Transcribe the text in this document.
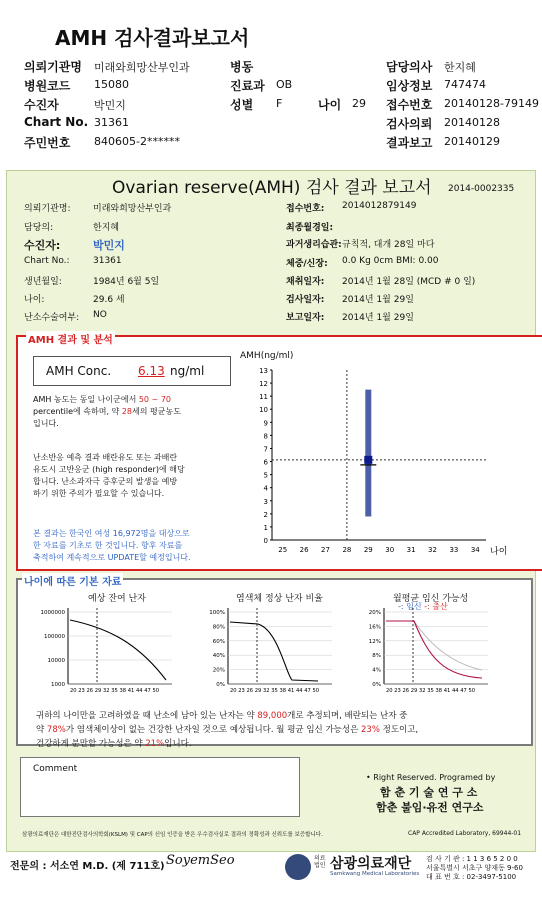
AMH 검사결과보고서
Ovarian reserve(AMH) 검사 결과 보고서 2014-0002335
AMH 결과 및 분석
AMH Conc. 6.13 ng/ml
AMH 농도는 동일 나이군에서 50 ~ 70
percentile에 속하며, 약 28세의 평균농도
입니다.
난소반응 예측 결과 배란유도 또는 과배란
유도시 고반응군 (high responder)에 해당
합니다. 난소과자극 증후군의 발생을 예방
하기 위한 주의가 필요할 수 있습니다.
본 결과는 한국인 여성 16,972명을 대상으로
한 자료를 기초로 한 것입니다. 향후 자료를
축적하여 계속적으로 UPDATE할 예정입니다.
AMH(ng/ml)
0
1
2
3
4
5
6
7
8
9
10
11
12
13
25 26 27 28 29 30 31 32 33 34 나이
나이에 따른 기본 자료
예상 잔여 난자	염색체 정상 난자 비율	월평균 임신 가능성
-: 임신 -: 출산
1000000
100000
10000
1000
20 23 26 29 32 35 38 41 44 47 50
100%
80%
60%
40%
20%
0%
20 23 26 29 32 35 38 41 44 47 50
20%
16%
12%
8%
4%
0%
20 23 26 29 32 35 38 41 44 47 50
귀하의 나이만을 고려하였을 때 난소에 남아 있는 난자는 약 89,000개로 추정되며, 배란되는 난자 중
약 78%가 염색체이상이 없는 건강한 난자일 것으로 예상됩니다. 월 평균 임신 가능성은 23% 정도이고,
건강하게 분만할 가능성은 약 21%입니다.
Comment
• Right Reserved. Programed by
함 춘 기 술 연 구 소
함춘 불임·유전 연구소
삼광의료재단은 대한진단검사의학회(KSLM) 및 CAP의 신임 인증을 받은 우수검사실로 결과의 정확성과 신뢰도를 보증합니다.	CAP Accredited Laboratory, 69944-01
전문의 : 서소연 M.D. (제 711호) SoyemSeo	의료법인 삼광의료재단
Samkwang Medical Laboratories
검 사 기 관 : 1 1 3 6 5 2 0 0
서울특별시 서초구 양재동 9-60
대 표 번 호 : 02-3497-5100
의뢰기관명 미래와희망산부인과
병원코드 15080
수진자	박민지
Chart No. 31361
주민번호 840605-2******
병동
진료과 OB
성별 F	나이 29
담당의사 한지혜
임상정보 747474
접수번호 20140128-79149
검사의뢰 20140128
결과보고 20140129
의뢰기관명: 미래와희망산부인과
담당의:	한지혜
수진자:	박민지
Chart No.:	31361
생년월일:	1984년 6월 5일
나이:	29.6 세
난소수술여부: NO
접수번호: 2014012879149
최종월경일:
과거생리습관: 규칙적, 대개 28일 마다
체중/신장: 0.0 Kg 0cm BMI: 0.00
채취일자: 2014년 1월 28일 (MCD # 0 일)
검사일자: 2014년 1월 29일
보고일자: 2014년 1월 29일
